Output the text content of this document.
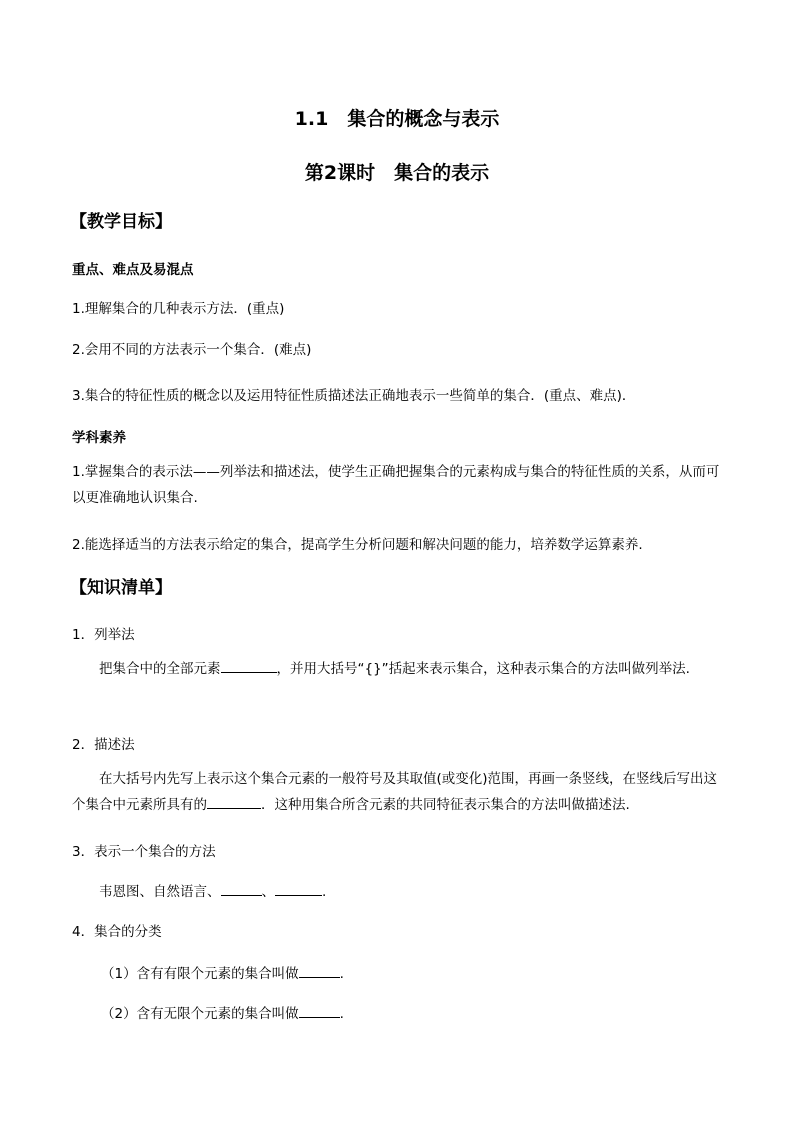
1.1　集合的概念与表示
第2课时　集合的表示
【教学目标】
重点、难点及易混点
1.理解集合的几种表示方法．(重点)
2.会用不同的方法表示一个集合．(难点)
3.集合的特征性质的概念以及运用特征性质描述法正确地表示一些简单的集合．(重点、难点)．
学科素养
1.掌握集合的表示法——列举法和描述法，使学生正确把握集合的元素构成与集合的特征性质的关系，从而可以更准确地认识集合.
2.能选择适当的方法表示给定的集合，提高学生分析问题和解决问题的能力，培养数学运算素养.
【知识清单】
1．列举法
把集合中的全部元素	，并用大括号“{}”括起来表示集合，这种表示集合的方法叫做列举法.
2．描述法
在大括号内先写上表示这个集合元素的一般符号及其取值(或变化)范围，再画一条竖线，在竖线后写出这个集合中元素所具有的	．这种用集合所含元素的共同特征表示集合的方法叫做描述法.
3．表示一个集合的方法
韦恩图、自然语言、	、	.
4．集合的分类
（1）含有有限个元素的集合叫做	.
（2）含有无限个元素的集合叫做	.
